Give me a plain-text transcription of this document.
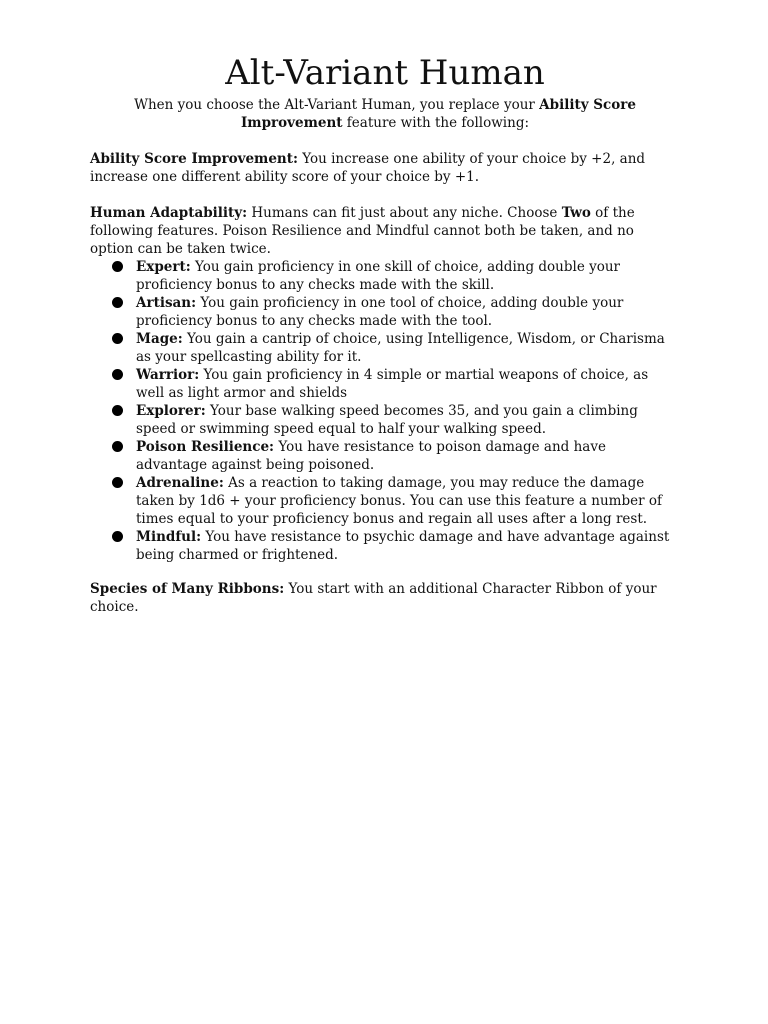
Alt-Variant Human

When you choose the Alt-Variant Human, you replace your Ability Score Improvement feature with the following:

Ability Score Improvement: You increase one ability of your choice by +2, and increase one different ability score of your choice by +1.

Human Adaptability: Humans can fit just about any niche. Choose Two of the following features. Poison Resilience and Mindful cannot both be taken, and no option can be taken twice.

Expert: You gain proficiency in one skill of choice, adding double your proficiency bonus to any checks made with the skill.
Artisan: You gain proficiency in one tool of choice, adding double your proficiency bonus to any checks made with the tool.
Mage: You gain a cantrip of choice, using Intelligence, Wisdom, or Charisma as your spellcasting ability for it.
Warrior: You gain proficiency in 4 simple or martial weapons of choice, as well as light armor and shields
Explorer: Your base walking speed becomes 35, and you gain a climbing speed or swimming speed equal to half your walking speed.
Poison Resilience: You have resistance to poison damage and have advantage against being poisoned.
Adrenaline: As a reaction to taking damage, you may reduce the damage taken by 1d6 + your proficiency bonus. You can use this feature a number of times equal to your proficiency bonus and regain all uses after a long rest.
Mindful: You have resistance to psychic damage and have advantage against being charmed or frightened.

Species of Many Ribbons: You start with an additional Character Ribbon of your choice.
